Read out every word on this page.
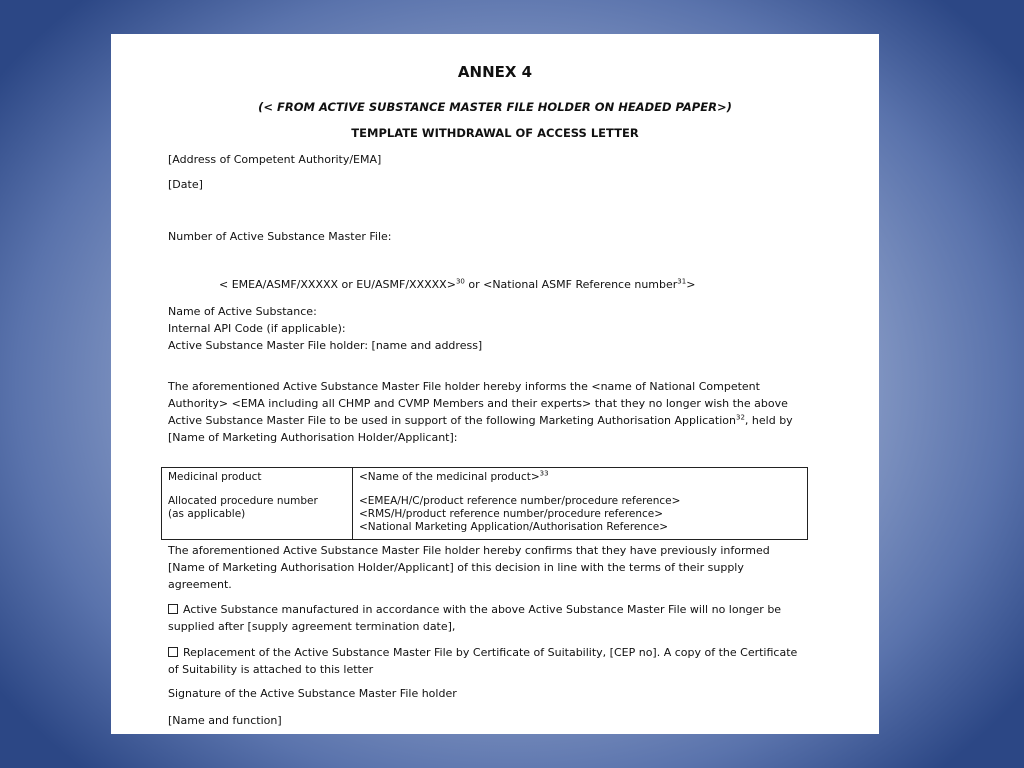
ANNEX 4

(< FROM ACTIVE SUBSTANCE MASTER FILE HOLDER ON HEADED PAPER>)

TEMPLATE WITHDRAWAL OF ACCESS LETTER

[Address of Competent Authority/EMA]

[Date]

Number of Active Substance Master File:

< EMEA/ASMF/XXXXX or EU/ASMF/XXXXX>$^{30}$ or <National ASMF Reference number$^{31}$>

Name of Active Substance:

Internal API Code (if applicable):

Active Substance Master File holder: [name and address]

The aforementioned Active Substance Master File holder hereby informs the <name of National Competent Authority> <EMA including all CHMP and CVMP Members and their experts> that they no longer wish the above Active Substance Master File to be used in support of the following Marketing Authorisation Application$^{32}$, held by [Name of Marketing Authorisation Holder/Applicant]:

Medicinal product	<Name of the medicinal product>$^{33}$
Allocated procedure number
(as applicable)
<EMEA/H/C/product reference number/procedure reference>
<RMS/H/product reference number/procedure reference>
<National Marketing Application/Authorisation Reference>

The aforementioned Active Substance Master File holder hereby confirms that they have previously informed [Name of Marketing Authorisation Holder/Applicant] of this decision in line with the terms of their supply agreement.

Active Substance manufactured in accordance with the above Active Substance Master File will no longer be supplied after [supply agreement termination date],

Replacement of the Active Substance Master File by Certificate of Suitability, [CEP no]. A copy of the Certificate of Suitability is attached to this letter

Signature of the Active Substance Master File holder

[Name and function]
